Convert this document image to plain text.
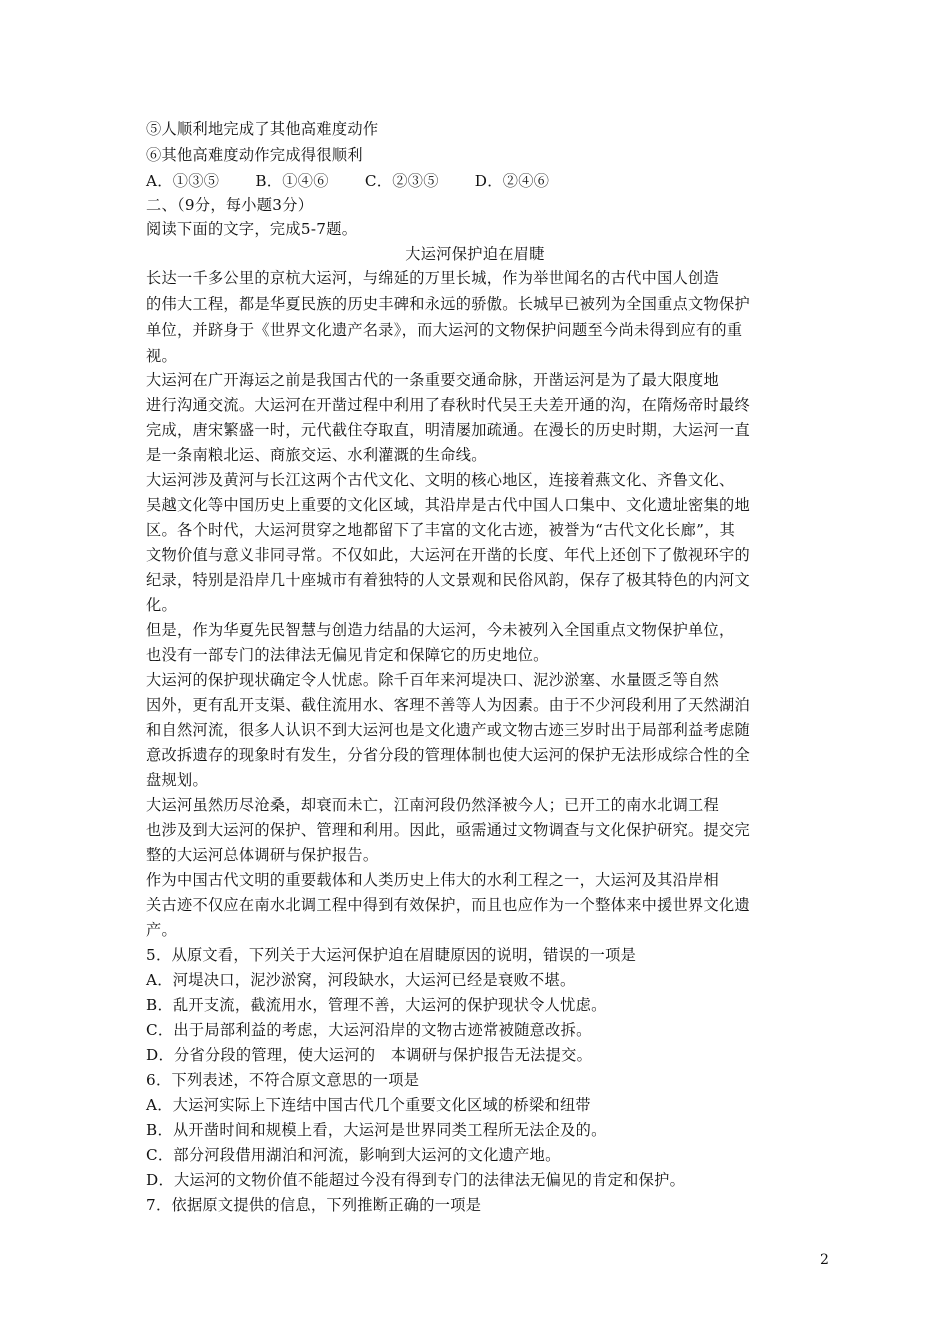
⑤人顺利地完成了其他高难度动作
⑥其他高难度动作完成得很顺利
A．①③⑤　　 B．①④⑥　　 C．②③⑤　　 D．②④⑥
二、（9分，每小题3分）
阅读下面的文字，完成5-7题。
大运河保护迫在眉睫
长达一千多公里的京杭大运河，与绵延的万里长城，作为举世闻名的古代中国人创造
的伟大工程，都是华夏民族的历史丰碑和永远的骄傲。长城早已被列为全国重点文物保护
单位，并跻身于《世界文化遗产名录》，而大运河的文物保护问题至今尚未得到应有的重
视。
大运河在广开海运之前是我国古代的一条重要交通命脉，开凿运河是为了最大限度地
进行沟通交流。大运河在开凿过程中利用了春秋时代吴王夫差开通的沟，在隋炀帝时最终
完成，唐宋繁盛一时，元代截住夺取直，明清屡加疏通。在漫长的历史时期，大运河一直
是一条南粮北运、商旅交运、水利灌溉的生命线。
大运河涉及黄河与长江这两个古代文化、文明的核心地区，连接着燕文化、齐鲁文化、
吴越文化等中国历史上重要的文化区域，其沿岸是古代中国人口集中、文化遗址密集的地
区。各个时代，大运河贯穿之地都留下了丰富的文化古迹，被誉为“古代文化长廊”，其
文物价值与意义非同寻常。不仅如此，大运河在开凿的长度、年代上还创下了傲视环宇的
纪录，特别是沿岸几十座城市有着独特的人文景观和民俗风韵，保存了极其特色的内河文
化。
但是，作为华夏先民智慧与创造力结晶的大运河，今未被列入全国重点文物保护单位，
也没有一部专门的法律法无偏见肯定和保障它的历史地位。
大运河的保护现状确定令人忧虑。除千百年来河堤决口、泥沙淤塞、水量匮乏等自然
因外，更有乱开支渠、截住流用水、客理不善等人为因素。由于不少河段利用了天然湖泊
和自然河流，很多人认识不到大运河也是文化遗产或文物古迹三岁时出于局部利益考虑随
意改拆遗存的现象时有发生，分省分段的管理体制也使大运河的保护无法形成综合性的全
盘规划。
大运河虽然历尽沧桑，却衰而未亡，江南河段仍然泽被今人；已开工的南水北调工程
也涉及到大运河的保护、管理和利用。因此，亟需通过文物调查与文化保护研究。提交完
整的大运河总体调研与保护报告。
作为中国古代文明的重要载体和人类历史上伟大的水利工程之一，大运河及其沿岸相
关古迹不仅应在南水北调工程中得到有效保护，而且也应作为一个整体来中援世界文化遗
产。
5．从原文看，下列关于大运河保护迫在眉睫原因的说明，错误的一项是
A．河堤决口，泥沙淤窝，河段缺水，大运河已经是衰败不堪。
B．乱开支流，截流用水，管理不善，大运河的保护现状令人忧虑。
C．出于局部利益的考虑，大运河沿岸的文物古迹常被随意改拆。
D．分省分段的管理，使大运河的　本调研与保护报告无法提交。
6．下列表述，不符合原文意思的一项是
A．大运河实际上下连结中国古代几个重要文化区域的桥梁和纽带
B．从开凿时间和规模上看，大运河是世界同类工程所无法企及的。
C．部分河段借用湖泊和河流，影响到大运河的文化遗产地。
D．大运河的文物价值不能超过今没有得到专门的法律法无偏见的肯定和保护。
7．依据原文提供的信息，下列推断正确的一项是
2
